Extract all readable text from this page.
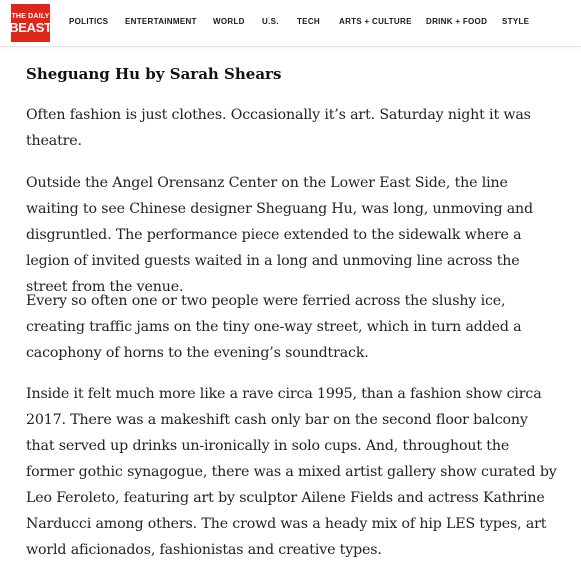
THE DAILY
BEAST POLITICS ENTERTAINMENT WORLD U.S. TECH ARTS + CULTURE DRINK + FOOD STYLE
Sheguang Hu by Sarah Shears

Often fashion is just clothes. Occasionally it’s art. Saturday night it was theatre.

Outside the Angel Orensanz Center on the Lower East Side, the line waiting to see Chinese designer Sheguang Hu, was long, unmoving and disgruntled. The performance piece extended to the sidewalk where a legion of invited guests waited in a long and unmoving line across the street from the venue.

Every so often one or two people were ferried across the slushy ice, creating traffic jams on the tiny one-way street, which in turn added a cacophony of horns to the evening’s soundtrack.

Inside it felt much more like a rave circa 1995, than a fashion show circa 2017. There was a makeshift cash only bar on the second floor balcony that served up drinks un-ironically in solo cups. And, throughout the former gothic synagogue, there was a mixed artist gallery show curated by Leo Feroleto, featuring art by sculptor Ailene Fields and actress Kathrine Narducci among others. The crowd was a heady mix of hip LES types, art world aficionados, fashionistas and creative types.
